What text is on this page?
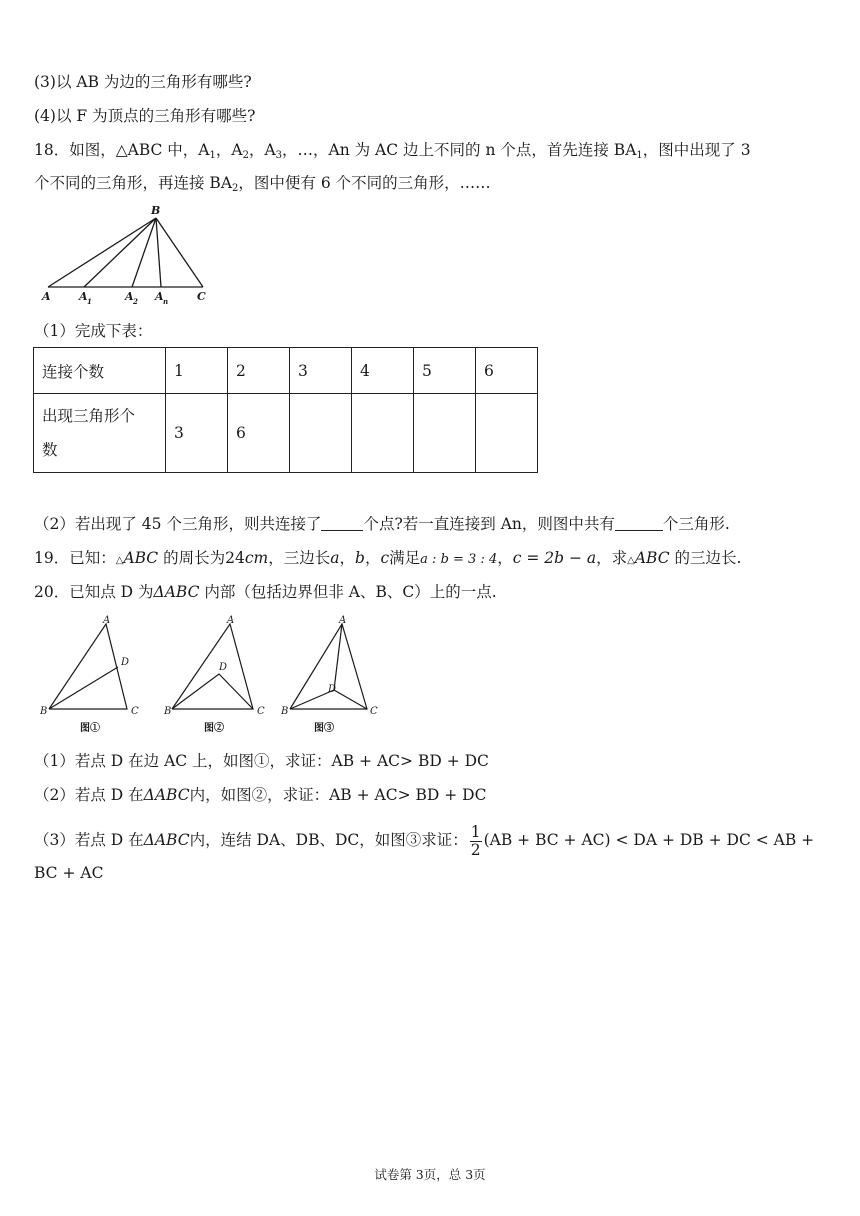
(3)以 AB 为边的三角形有哪些?
(4)以 F 为顶点的三角形有哪些?
18．如图，△ABC 中，$A_1$，$A_2$，$A_3$，…，An 为 AC 边上不同的 n 个点，首先连接 $BA_1$，图中出现了 3
个不同的三角形，再连接 $BA_2$，图中便有 6 个不同的三角形，……
B
A	A 1	A 2 A n	C
（1）完成下表：
连接个数	1	2	3	4	5	6
出现三角形个
数	3	6				
（2）若出现了 45 个三角形，则共连接了	个点?若一直连接到 An，则图中共有	个三角形.
19．已知：△ABC 的周长为24cm，三边长a，b，c满足a : b = 3 : 4，c = 2b − a，求△ABC 的三边长.
20．已知点 D 为ΔABC 内部（包括边界但非 A、B、C）上的一点.
A
D
B	C
A
D
B	C
A
D
B	C
图①	图②	图③
（1）若点 D 在边 AC 上，如图①，求证：AB + AC> BD + DC
（2）若点 D 在ΔABC内，如图②，求证：AB + AC> BD + DC
（3）若点 D 在ΔABC内，连结 DA、DB、DC，如图③求证： $\frac{1}{2} (AB$ + BC + AC) < DA + DB + DC < AB +
BC + AC
试卷第 3页，总 3页
